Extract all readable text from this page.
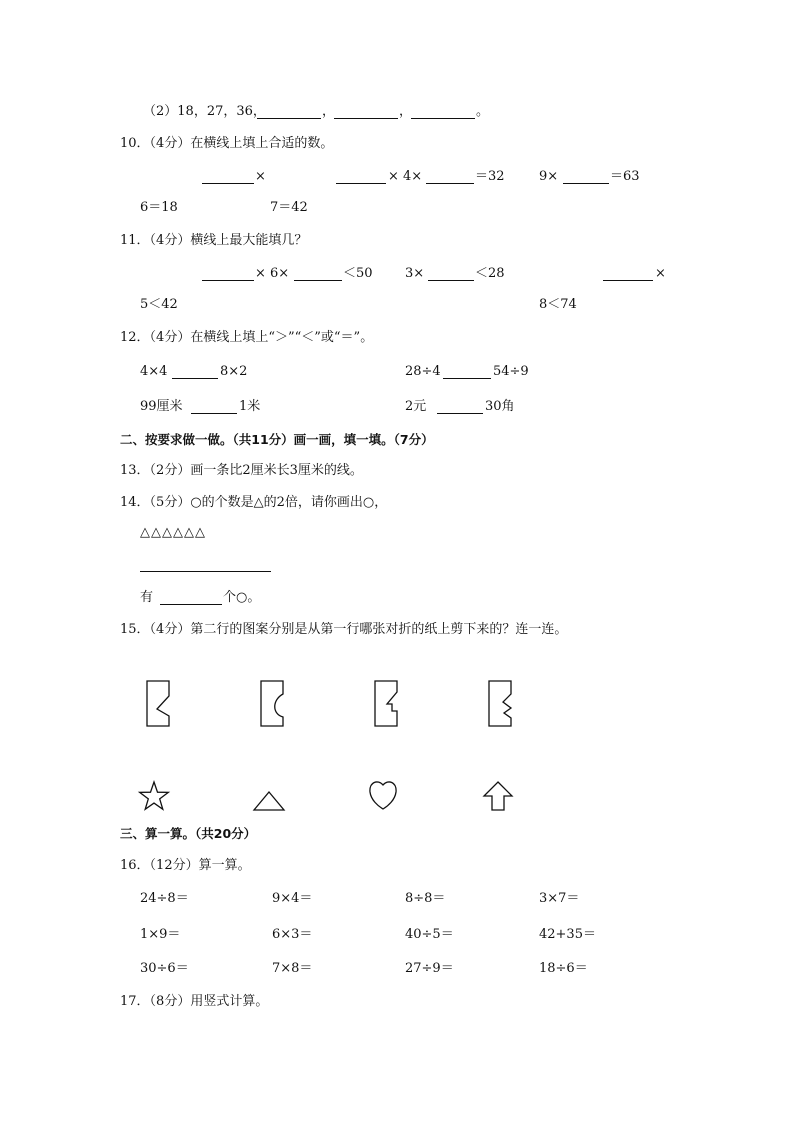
（2）18，27，36，	，	，	。
10．（4分）在横线上填上合适的数。
×
6＝18
× 4×	＝32
7＝42
9×	＝63
11．（4分）横线上最大能填几？
× 6×	＜50
5＜42
3×	＜28	×
8＜74
12．（4分）在横线上填上“＞”“＜”或“＝”。
4×4	8×2	28÷4	54÷9
99厘米	1米	2元	30角
二、按要求做一做。（共11分）画一画，填一填。（7分）
13．（2分）画一条比2厘米长3厘米的线。
14．（5分）○的个数是△的2倍，请你画出○，
△△△△△△
有	个○。
15．（4分）第二行的图案分别是从第一行哪张对折的纸上剪下来的？连一连。
三、算一算。（共20分）
16．（12分）算一算。
24÷8＝	9×4＝	8÷8＝	3×7＝
1×9＝	6×3＝	40÷5＝	42+35＝
30÷6＝	7×8＝	27÷9＝	18÷6＝
17．（8分）用竖式计算。
